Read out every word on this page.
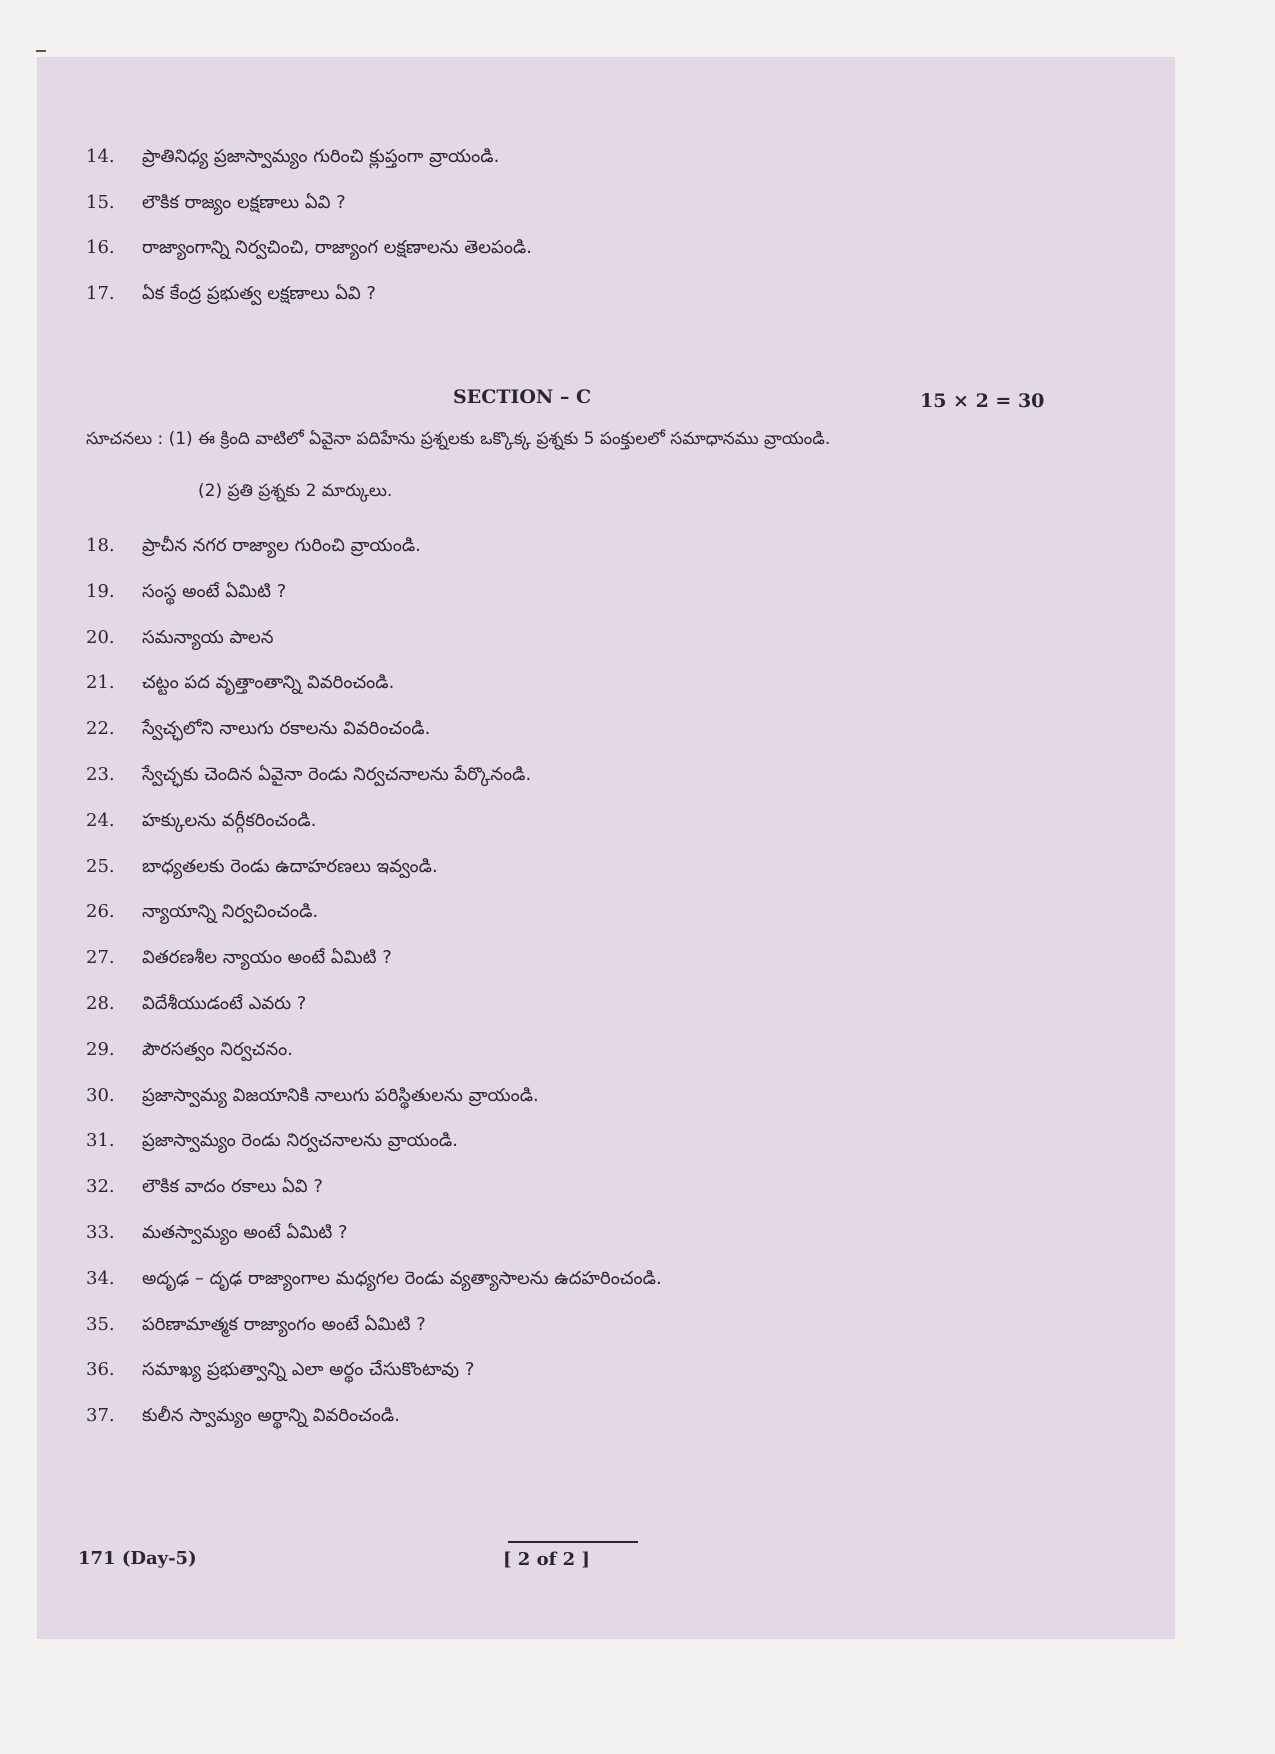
14. ప్రాతినిధ్య ప్రజాస్వామ్యం గురించి క్లుప్తంగా వ్రాయండి.
15. లౌకిక రాజ్యం లక్షణాలు ఏవి ?
16. రాజ్యాంగాన్ని నిర్వచించి, రాజ్యాంగ లక్షణాలను తెలపండి.
17. ఏక కేంద్ర ప్రభుత్వ లక్షణాలు ఏవి ?
18. ప్రాచీన నగర రాజ్యాల గురించి వ్రాయండి.
19. సంస్థ అంటే ఏమిటి ?
20. సమన్యాయ పాలన
21. చట్టం పద వృత్తాంతాన్ని వివరించండి.
22. స్వేచ్ఛలోని నాలుగు రకాలను వివరించండి.
23. స్వేచ్ఛకు చెందిన ఏవైనా రెండు నిర్వచనాలను పేర్కొనండి.
24. హక్కులను వర్గీకరించండి.
25. బాధ్యతలకు రెండు ఉదాహరణలు ఇవ్వండి.
26. న్యాయాన్ని నిర్వచించండి.
27. వితరణశీల న్యాయం అంటే ఏమిటి ?
28. విదేశీయుడంటే ఎవరు ?
29. పౌరసత్వం నిర్వచనం.
30. ప్రజాస్వామ్య విజయానికి నాలుగు పరిస్థితులను వ్రాయండి.
31. ప్రజాస్వామ్యం రెండు నిర్వచనాలను వ్రాయండి.
32. లౌకిక వాదం రకాలు ఏవి ?
33. మతస్వామ్యం అంటే ఏమిటి ?
34. అదృఢ – దృఢ రాజ్యాంగాల మధ్యగల రెండు వ్యత్యాసాలను ఉదహరించండి.
35. పరిణామాత్మక రాజ్యాంగం అంటే ఏమిటి ?
36. సమాఖ్య ప్రభుత్వాన్ని ఎలా అర్థం చేసుకొంటావు ?
37. కులీన స్వామ్యం అర్థాన్ని వివరించండి.
SECTION – C	15 × 2 = 30
సూచనలు : (1) ఈ క్రింది వాటిలో ఏవైనా పదిహేను ప్రశ్నలకు ఒక్కొక్క ప్రశ్నకు 5 పంక్తులలో సమాధానము వ్రాయండి.
(2) ప్రతి ప్రశ్నకు 2 మార్కులు.
171 (Day-5)	[ 2 of 2 ]
